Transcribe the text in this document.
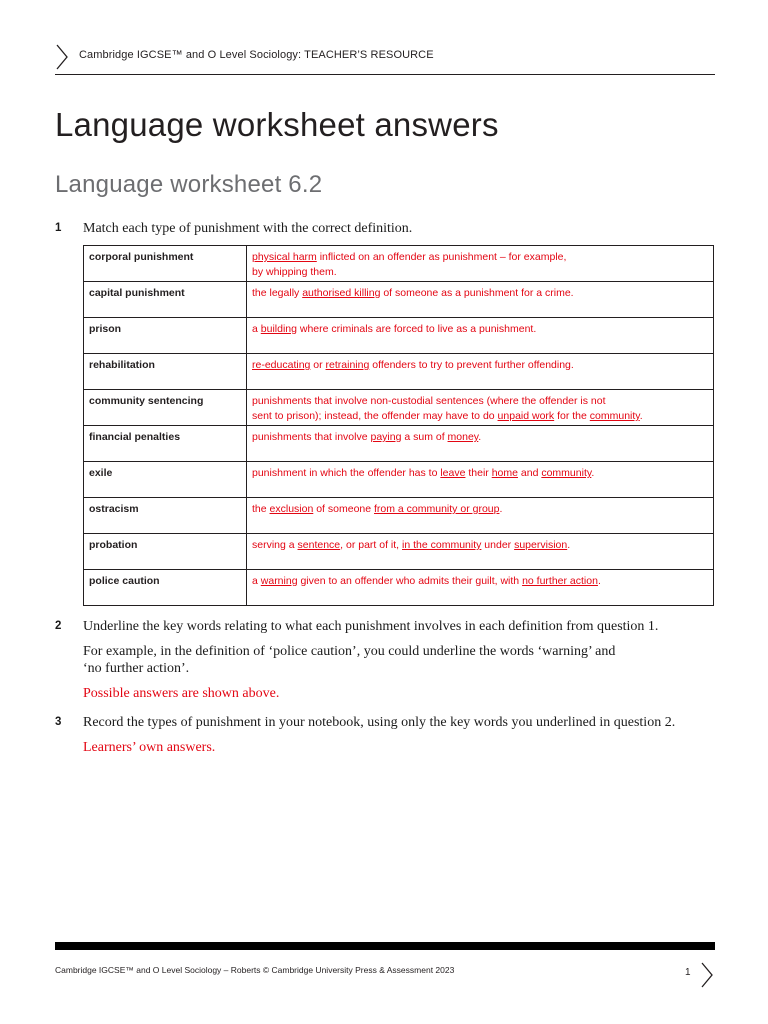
Cambridge IGCSE™ and O Level Sociology: TEACHER’S RESOURCE
Language worksheet answers
Language worksheet 6.2
1 Match each type of punishment with the correct definition.
corporal punishment	physical harm inflicted on an offender as punishment – for example,
by whipping them.
capital punishment	the legally authorised killing of someone as a punishment for a crime.
prison	a building where criminals are forced to live as a punishment.
rehabilitation	re-educating or retraining offenders to try to prevent further offending.
community sentencing	punishments that involve non-custodial sentences (where the offender is not
sent to prison); instead, the offender may have to do unpaid work for the community.
financial penalties	punishments that involve paying a sum of money.
exile	punishment in which the offender has to leave their home and community.
ostracism	the exclusion of someone from a community or group.
probation	serving a sentence, or part of it, in the community under supervision.
police caution	a warning given to an offender who admits their guilt, with no further action.
2 Underline the key words relating to what each punishment involves in each definition from question 1.
For example, in the definition of ‘police caution’, you could underline the words ‘warning’ and
‘no further action’.
Possible answers are shown above.
3 Record the types of punishment in your notebook, using only the key words you underlined in question 2.
Learners’ own answers.
Cambridge IGCSE™ and O Level Sociology – Roberts © Cambridge University Press & Assessment 2023	1
